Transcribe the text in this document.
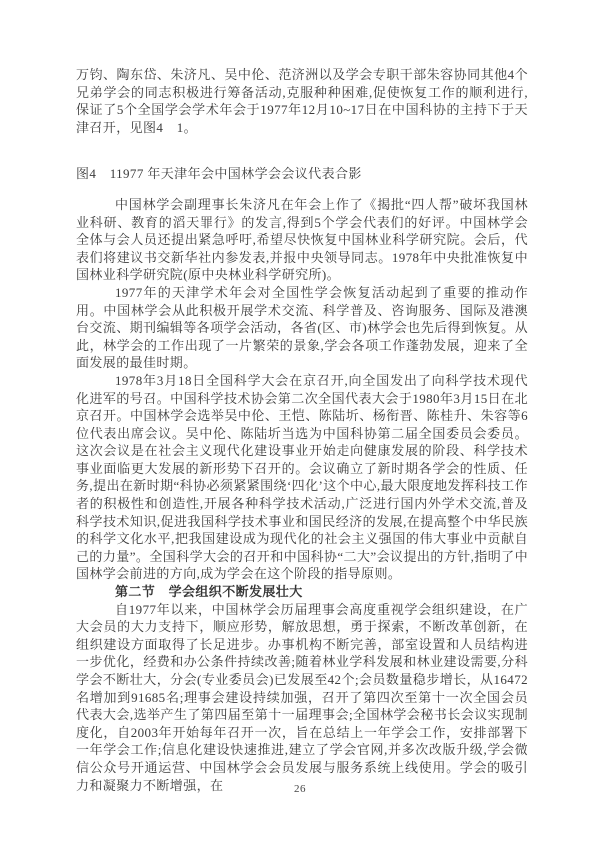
万钧、陶东岱、朱济凡、吴中伦、范济洲以及学会专职干部朱容协同其他4个兄弟学会的同志积极进行筹备活动,克服种种困难,促使恢复工作的顺利进行,保证了5个全国学会学术年会于1977年12月10~17日在中国科协的主持下于天津召开，见图4　1。

图4　11977 年天津年会中国林学会会议代表合影

中国林学会副理事长朱济凡在年会上作了《揭批“四人帮”破坏我国林业科研、教育的滔天罪行》的发言,得到5个学会代表们的好评。中国林学会全体与会人员还提出紧急呼吁,希望尽快恢复中国林业科学研究院。会后，代表们将建议书交新华社内参发表,并报中央领导同志。1978年中央批准恢复中国林业科学研究院(原中央林业科学研究所)。

1977年的天津学术年会对全国性学会恢复活动起到了重要的推动作用。中国林学会从此积极开展学术交流、科学普及、咨询服务、国际及港澳台交流、期刊编辑等各项学会活动，各省(区、市)林学会也先后得到恢复。从此，林学会的工作出现了一片繁荣的景象,学会各项工作蓬勃发展，迎来了全面发展的最佳时期。

1978年3月18日全国科学大会在京召开,向全国发出了向科学技术现代化进军的号召。中国科学技术协会第二次全国代表大会于1980年3月15日在北京召开。中国林学会选举吴中伦、王恺、陈陆圻、杨衔晋、陈桂升、朱容等6位代表出席会议。吴中伦、陈陆圻当选为中国科协第二届全国委员会委员。这次会议是在社会主义现代化建设事业开始走向健康发展的阶段、科学技术事业面临更大发展的新形势下召开的。会议确立了新时期各学会的性质、任务,提出在新时期“科协必须紧紧围绕‘四化’这个中心,最大限度地发挥科技工作者的积极性和创造性,开展各种科学技术活动,广泛进行国内外学术交流,普及科学技术知识,促进我国科学技术事业和国民经济的发展,在提高整个中华民族的科学文化水平,把我国建设成为现代化的社会主义强国的伟大事业中贡献自己的力量”。全国科学大会的召开和中国科协“二大”会议提出的方针,指明了中国林学会前进的方向,成为学会在这个阶段的指导原则。

第二节　学会组织不断发展壮大

自1977年以来，中国林学会历届理事会高度重视学会组织建设，在广大会员的大力支持下，顺应形势，解放思想，勇于探索，不断改革创新，在组织建设方面取得了长足进步。办事机构不断完善，部室设置和人员结构进一步优化，经费和办公条件持续改善;随着林业学科发展和林业建设需要,分科学会不断壮大，分会(专业委员会)已发展至42个;会员数量稳步增长，从16472名增加到91685名;理事会建设持续加强，召开了第四次至第十一次全国会员代表大会,选举产生了第四届至第十一届理事会;全国林学会秘书长会议实现制度化，自2003年开始每年召开一次，旨在总结上一年学会工作，安排部署下一年学会工作;信息化建设快速推进,建立了学会官网,并多次改版升级,学会微信公众号开通运营、中国林学会会员发展与服务系统上线使用。学会的吸引力和凝聚力不断增强，在	26
